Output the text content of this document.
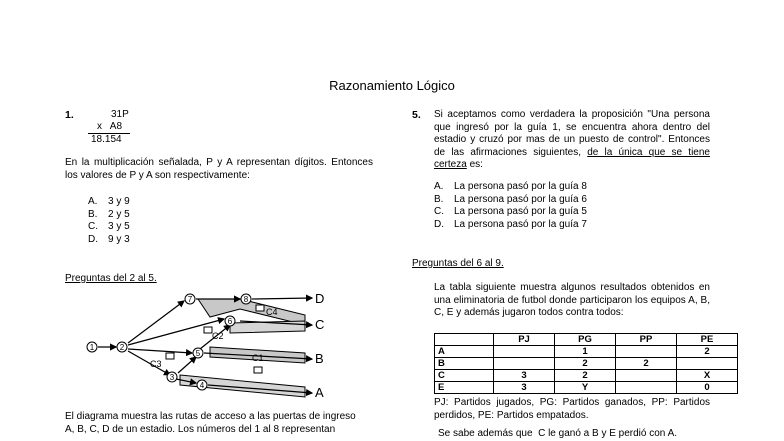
Razonamiento Lógico
1.	31P
x   A8
18.154
En la multiplicación señalada, P y A representan dígitos. Entonces los valores de P y A son respectivamente:
A. 3 y 9
B. 2 y 5
C. 3 y 5
D. 9 y 3
Preguntas del 2 al 5.
1	2
3
4
5
6
7	8
C2
C3
C1
C4
D
C
B
A
El diagrama muestra las rutas de acceso a las puertas de ingreso
A, B, C, D de un estadio. Los números del 1 al 8 representan
5. Si aceptamos como verdadera la proposición "Una persona que ingresó por la guía 1, se encuentra ahora dentro del estadio y cruzó por mas de un puesto de control". Entonces de las afirmaciones siguientes, de la única que se tiene certeza es:
A. La persona pasó por la guía 8
B. La persona pasó por la guía 6
C. La persona pasó por la guía 5
D. La persona pasó por la guía 7
Preguntas del 6 al 9.
La tabla siguiente muestra algunos resultados obtenidos en una eliminatoria de futbol donde participaron los equipos A, B, C, E y además jugaron todos contra todos:
	PJ	PG	PP	PE
A		1		2
B		2	2	
C	3	2		X
E	3	Y		0
PJ: Partidos jugados, PG: Partidos ganados, PP: Partidos perdidos, PE: Partidos empatados.
Se sabe además que  C le ganó a B y E perdió con A.
